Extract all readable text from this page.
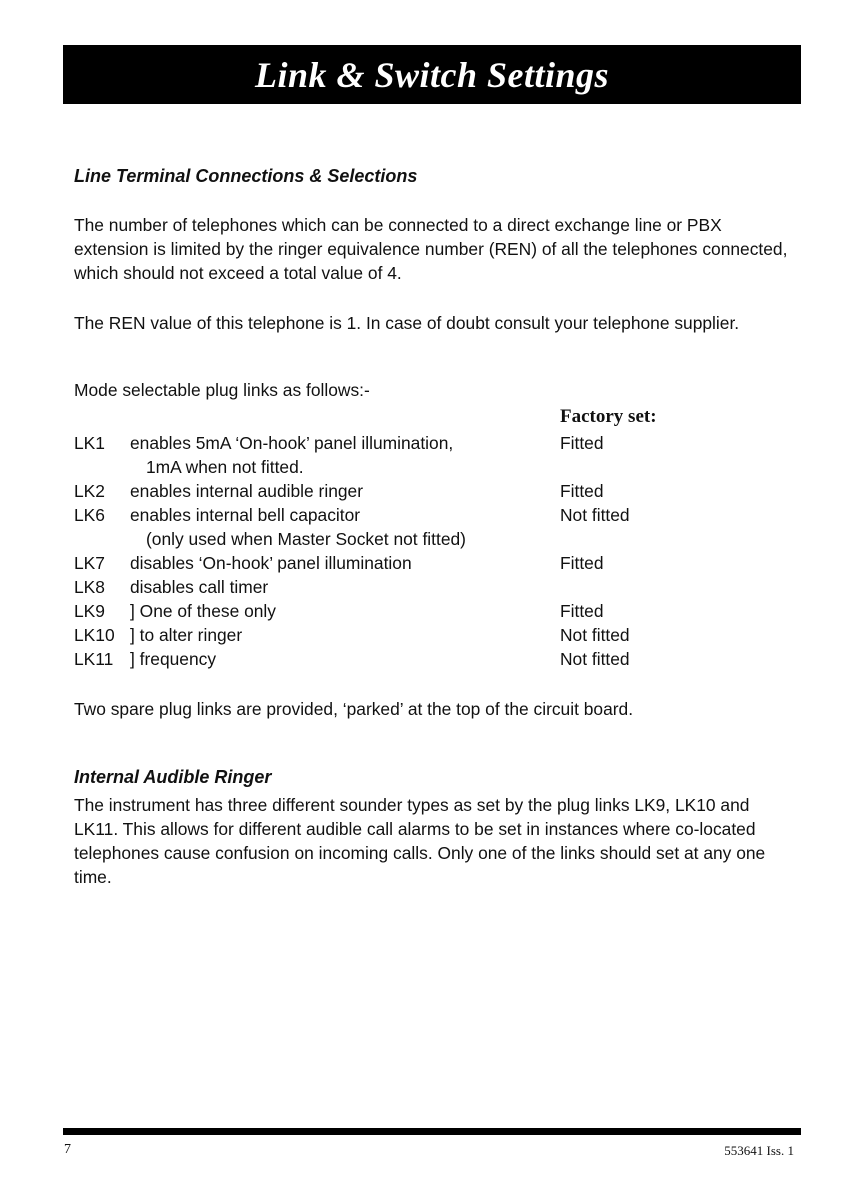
Link & Switch Settings
Line Terminal Connections & Selections

The number of telephones which can be connected to a direct exchange line or PBX extension is limited by the ringer equivalence number (REN) of all the telephones connected, which should not exceed a total value of 4.

The REN value of this telephone is 1. In case of doubt consult your telephone supplier.

Mode selectable plug links as follows:-
Factory set:
LK1 enables 5mA ‘On-hook’ panel illumination,	Fitted
1mA when not fitted.
LK2 enables internal audible ringer	Fitted
LK6 enables internal bell capacitor	Not fitted
(only used when Master Socket not fitted)
LK7 disables ‘On-hook’ panel illumination	Fitted
LK8 disables call timer
LK9 ] One of these only	Fitted
LK10 ] to alter ringer	Not fitted
LK11 ] frequency	Not fitted

Two spare plug links are provided, ‘parked’ at the top of the circuit board.

Internal Audible Ringer

The instrument has three different sounder types as set by the plug links LK9, LK10 and LK11. This allows for different audible call alarms to be set in instances where co-located telephones cause confusion on incoming calls. Only one of the links should set at any one time.

7	553641 Iss. 1
